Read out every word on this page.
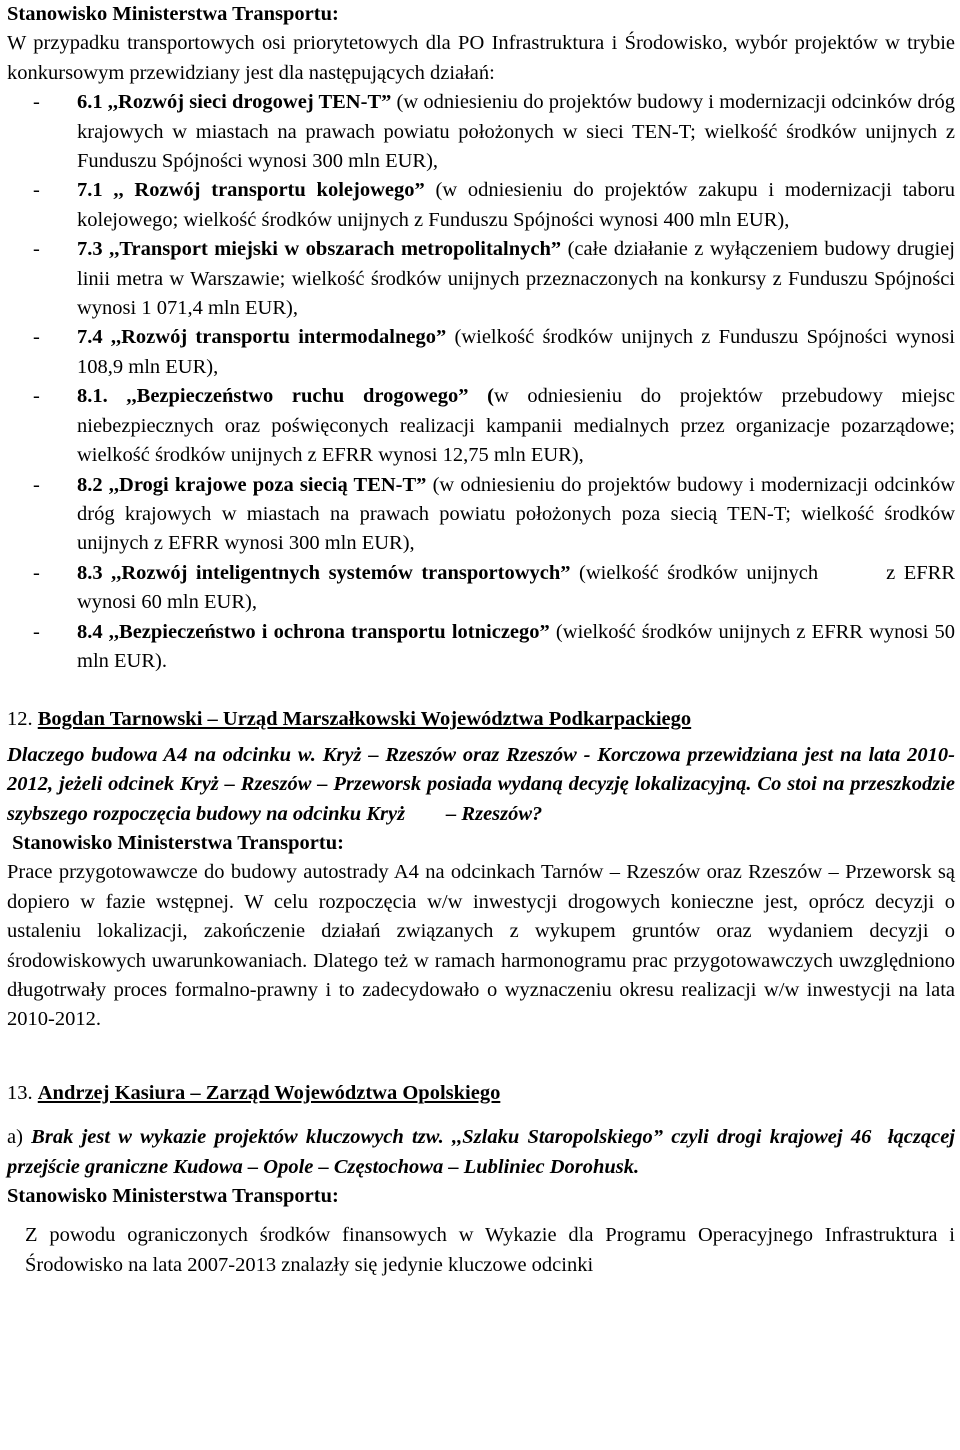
Stanowisko Ministerstwa Transportu:
W przypadku transportowych osi priorytetowych dla PO Infrastruktura i Środowisko, wybór projektów w trybie konkursowym przewidziany jest dla następujących działań:
- 6.1 ,,Rozwój sieci drogowej TEN-T” (w odniesieniu do projektów budowy i modernizacji odcinków dróg krajowych w miastach na prawach powiatu położonych w sieci TEN-T; wielkość środków unijnych z Funduszu Spójności wynosi 300 mln EUR),
- 7.1 ,, Rozwój transportu kolejowego” (w odniesieniu do projektów zakupu i modernizacji taboru kolejowego; wielkość środków unijnych z Funduszu Spójności wynosi 400 mln EUR),
- 7.3 ,,Transport miejski w obszarach metropolitalnych” (całe działanie z wyłączeniem budowy drugiej linii metra w Warszawie; wielkość środków unijnych przeznaczonych na konkursy z Funduszu Spójności wynosi 1 071,4 mln EUR),
- 7.4 ,,Rozwój transportu intermodalnego” (wielkość środków unijnych z Funduszu Spójności wynosi 108,9 mln EUR),
- 8.1. ,,Bezpieczeństwo ruchu drogowego” (w odniesieniu do projektów przebudowy miejsc niebezpiecznych oraz poświęconych realizacji kampanii medialnych przez organizacje pozarządowe; wielkość środków unijnych z EFRR wynosi 12,75 mln EUR),
- 8.2 ,,Drogi krajowe poza siecią TEN-T” (w odniesieniu do projektów budowy i modernizacji odcinków dróg krajowych w miastach na prawach powiatu położonych poza siecią TEN-T; wielkość środków unijnych z EFRR wynosi 300 mln EUR),
- 8.3 ,,Rozwój inteligentnych systemów transportowych” (wielkość środków unijnych        z EFRR wynosi 60 mln EUR),
- 8.4 ,,Bezpieczeństwo i ochrona transportu lotniczego” (wielkość środków unijnych z EFRR wynosi 50 mln EUR).
12. Bogdan Tarnowski – Urząd Marszałkowski Województwa Podkarpackiego
Dlaczego budowa A4 na odcinku w. Kryż – Rzeszów oraz Rzeszów - Korczowa przewidziana jest na lata 2010-2012, jeżeli odcinek Kryż – Rzeszów – Przeworsk posiada wydaną decyzję lokalizacyjną. Co stoi na przeszkodzie szybszego rozpoczęcia budowy na odcinku Kryż        – Rzeszów?
Stanowisko Ministerstwa Transportu:
Prace przygotowawcze do budowy autostrady A4 na odcinkach Tarnów – Rzeszów oraz Rzeszów – Przeworsk są dopiero w fazie wstępnej. W celu rozpoczęcia w/w inwestycji drogowych konieczne jest, oprócz decyzji o ustaleniu lokalizacji, zakończenie działań związanych z wykupem gruntów oraz wydaniem decyzji o środowiskowych uwarunkowaniach. Dlatego też w ramach harmonogramu prac przygotowawczych uwzględniono długotrwały proces formalno-prawny i to zadecydowało o wyznaczeniu okresu realizacji w/w inwestycji na lata 2010-2012.
13. Andrzej Kasiura – Zarząd Województwa Opolskiego
a) Brak jest w wykazie projektów kluczowych tzw. ,,Szlaku Staropolskiego” czyli drogi krajowej 46  łączącej przejście graniczne Kudowa – Opole – Częstochowa – Lubliniec Dorohusk.
Stanowisko Ministerstwa Transportu:
Z powodu ograniczonych środków finansowych w Wykazie dla Programu Operacyjnego Infrastruktura i Środowisko na lata 2007-2013 znalazły się jedynie kluczowe odcinki
